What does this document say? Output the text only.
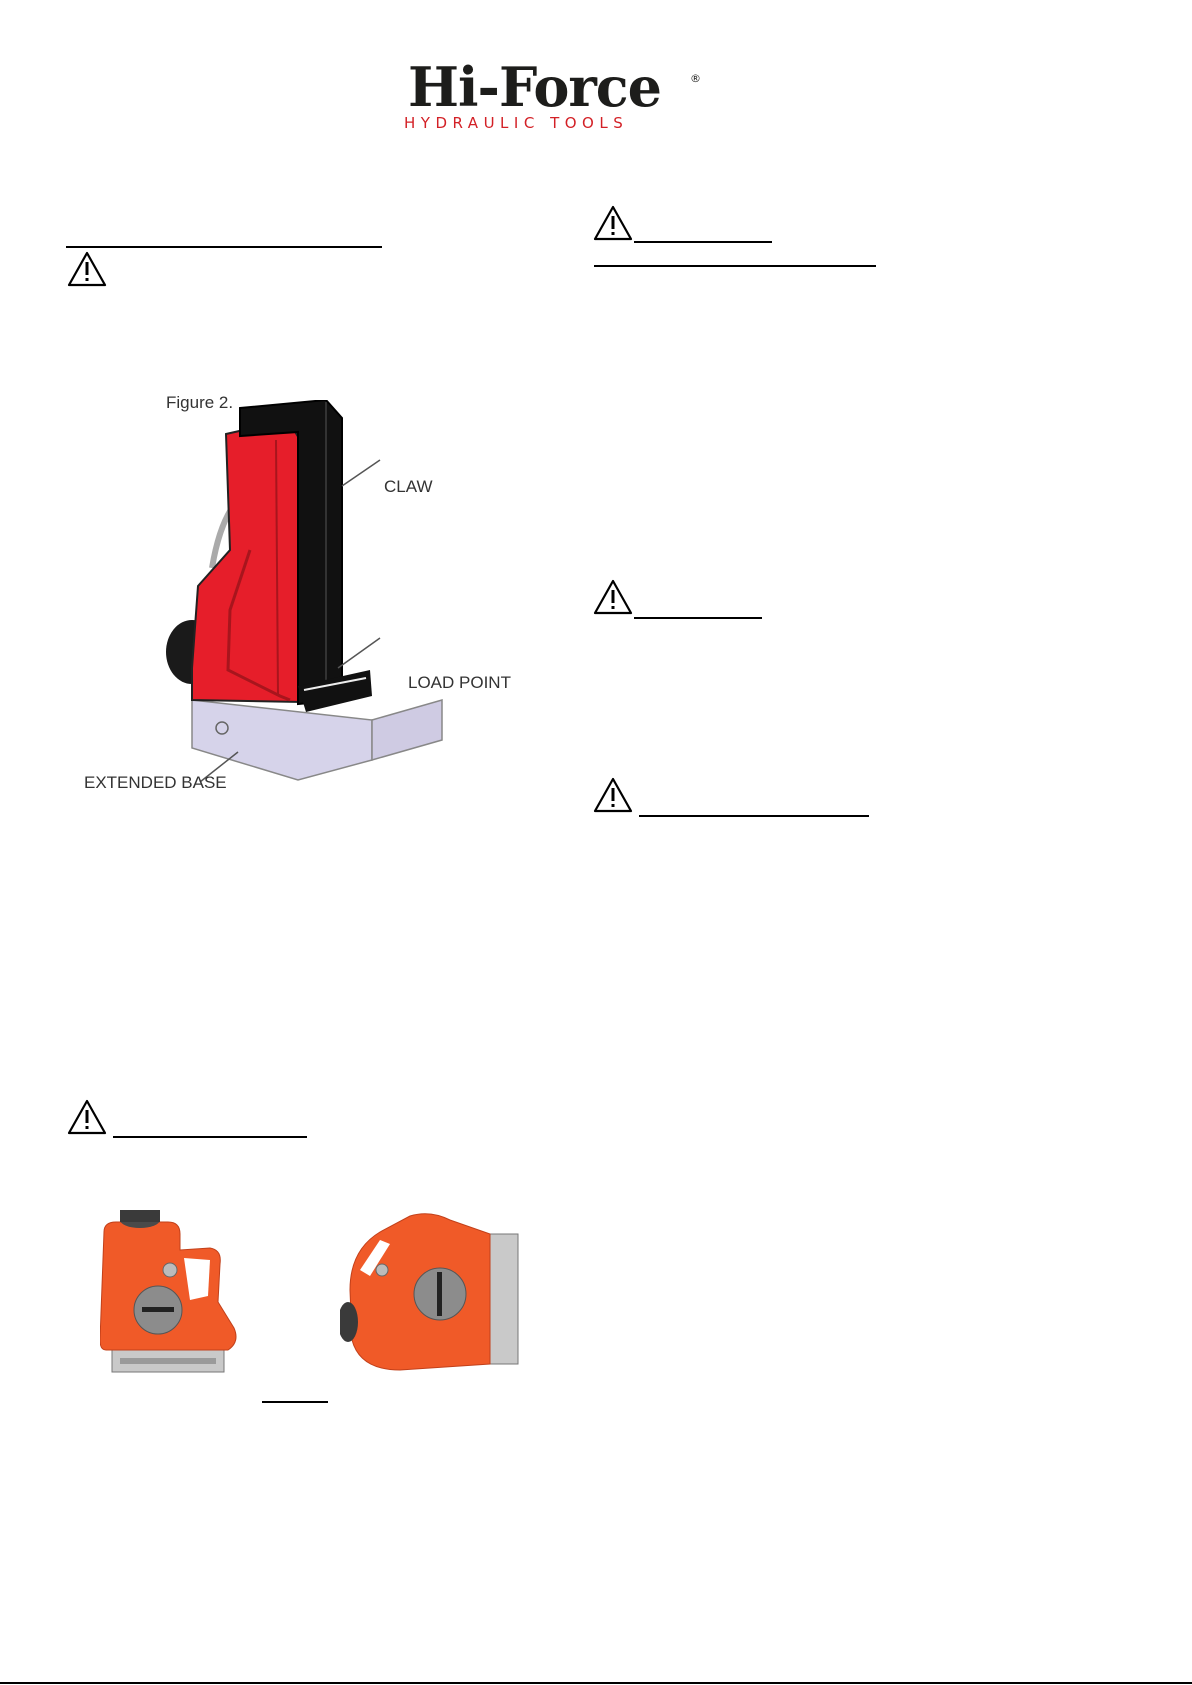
Hi-Force	®
HYDRAULIC TOOLS
Figure 2.
CLAW
LOAD POINT
EXTENDED BASE
